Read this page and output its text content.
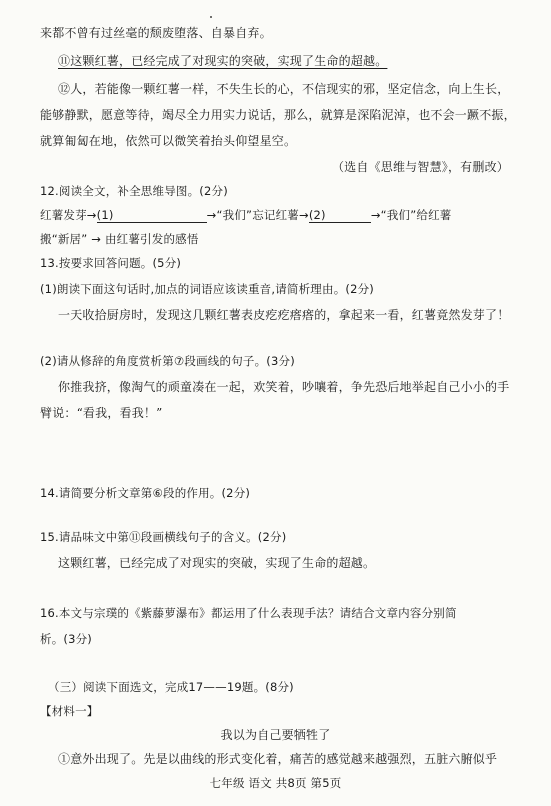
来都不曾有过丝毫的颓废堕落、自暴自弃。
⑪这颗红薯，已经完成了对现实的突破，实现了生命的超越。
⑫人，若能像一颗红薯一样，不失生长的心，不信现实的邪，坚定信念，向上生长，
能够静默，愿意等待，竭尽全力用实力说话，那么，就算是深陷泥淖，也不会一蹶不振，
就算匍匐在地，依然可以微笑着抬头仰望星空。
（选自《思维与智慧》，有删改）
12.阅读全文，补全思维导图。(2分)
红薯发芽→(1)	→“我们”忘记红薯→(2)	→“我们”给红薯
搬“新居” → 由红薯引发的感悟
13.按要求回答问题。(5分)
(1)朗读下面这句话时,加点的词语应该读重音,请简析理由。(2分)
一天收拾厨房时，发现这几颗红薯表皮疙疙瘩瘩的，拿起来一看，红薯竟然发芽了！
(2)请从修辞的角度赏析第⑦段画线的句子。(3分)
你推我挤，像淘气的顽童凑在一起，欢笑着，吵嚷着，争先恐后地举起自己小小的手
臂说：“看我，看我！”
14.请简要分析文章第⑥段的作用。(2分)
15.请品味文中第⑪段画横线句子的含义。(2分)
这颗红薯，已经完成了对现实的突破，实现了生命的超越。
16.本文与宗璞的《紫藤萝瀑布》都运用了什么表现手法？请结合文章内容分别简
析。(3分)
（三）阅读下面选文，完成17——19题。(8分)
【材料一】
我以为自己要牺牲了
①意外出现了。先是以曲线的形式变化着，痛苦的感觉越来越强烈，五脏六腑似乎
七年级 语文 共8页 第5页
